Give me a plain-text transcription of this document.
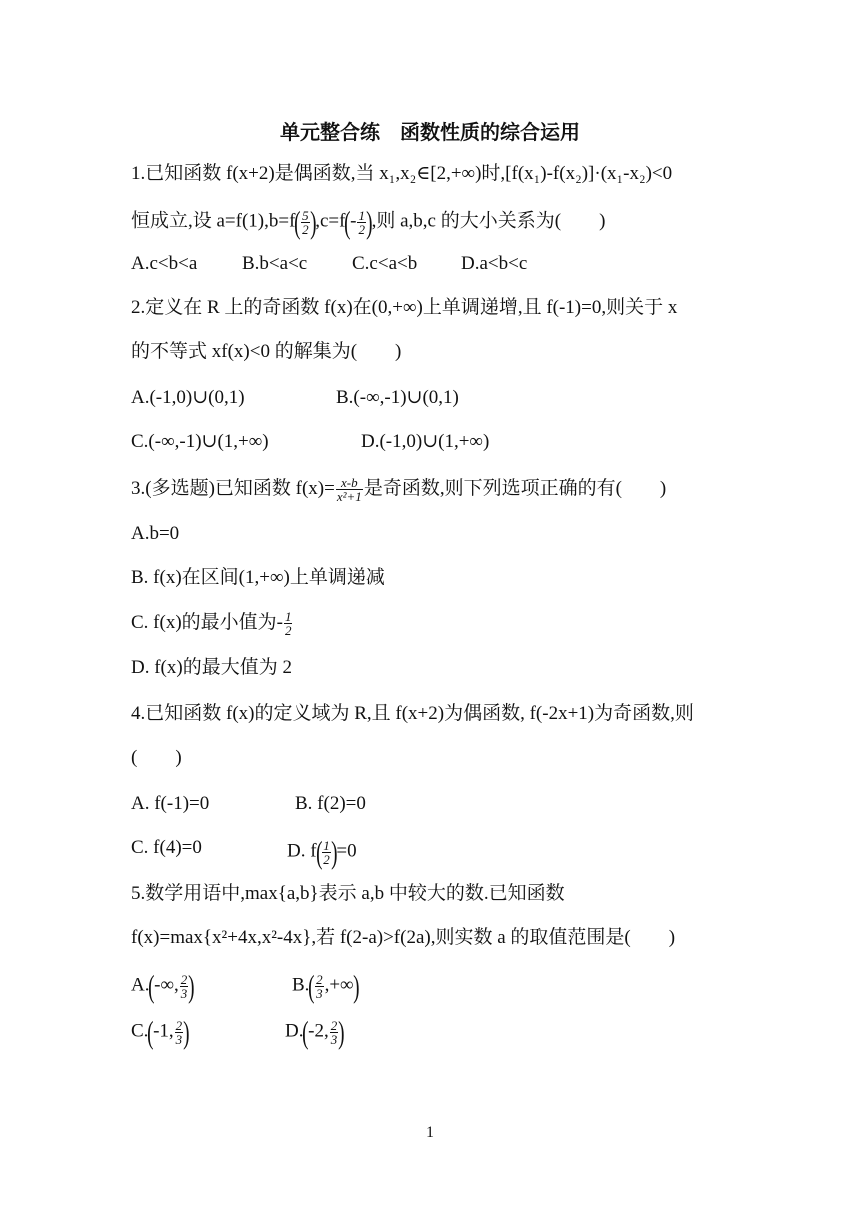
单元整合练　函数性质的综合运用
1.已知函数 f(x+2)是偶函数,当 x₁,x₂∈[2,+∞)时,[f(x₁)-f(x₂)]·(x₁-x₂)<0
恒成立,设 $a=f(1),b=f( \frac{5}{2} ),c=f(- \frac{1}{2}$ ),则 a,b,c 的大小关系为(　　)
A.c<b<a B.b<a<c C.c<a<b D.a<b<c
2.定义在 R 上的奇函数 f(x)在(0,+∞)上单调递增,且 f(-1)=0,则关于 x
的不等式 xf(x)<0 的解集为(　　)
A.(-1,0)∪(0,1)	B.(-∞,-1)∪(0,1)
C.(-∞,-1)∪(1,+∞)	D.(-1,0)∪(1,+∞)
3.(多选题)已知函数 $f(x)= \frac{x-b}{\text{x²+1}}$ 是奇函数,则下列选项正确的有(　　)
A.b=0
B. f(x)在区间(1,+∞)上单调递减
C. f(x)的最小值为- $\frac{1}{2}$
D. f(x)的最大值为 2
4.已知函数 f(x)的定义域为 R,且 f(x+2)为偶函数, f(-2x+1)为奇函数,则
(　　)
A. f(-1)=0	B. f(2)=0
C. f(4)=0	D. $f( \frac{1}{2} )=0$
5.数学用语中,max{a,b}表示 a,b 中较大的数.已知函数
f(x)=max{x²+4x,x²-4x},若 f(2-a)>f(2a),则实数 a 的取值范围是(　　)
A.(-∞, $\frac{2}{3}$ )	$B.( \frac{2}{3}$ ,+∞)
C.(-1, $\frac{2}{3}$ )	D.(-2, $\frac{2}{3}$ )
1
